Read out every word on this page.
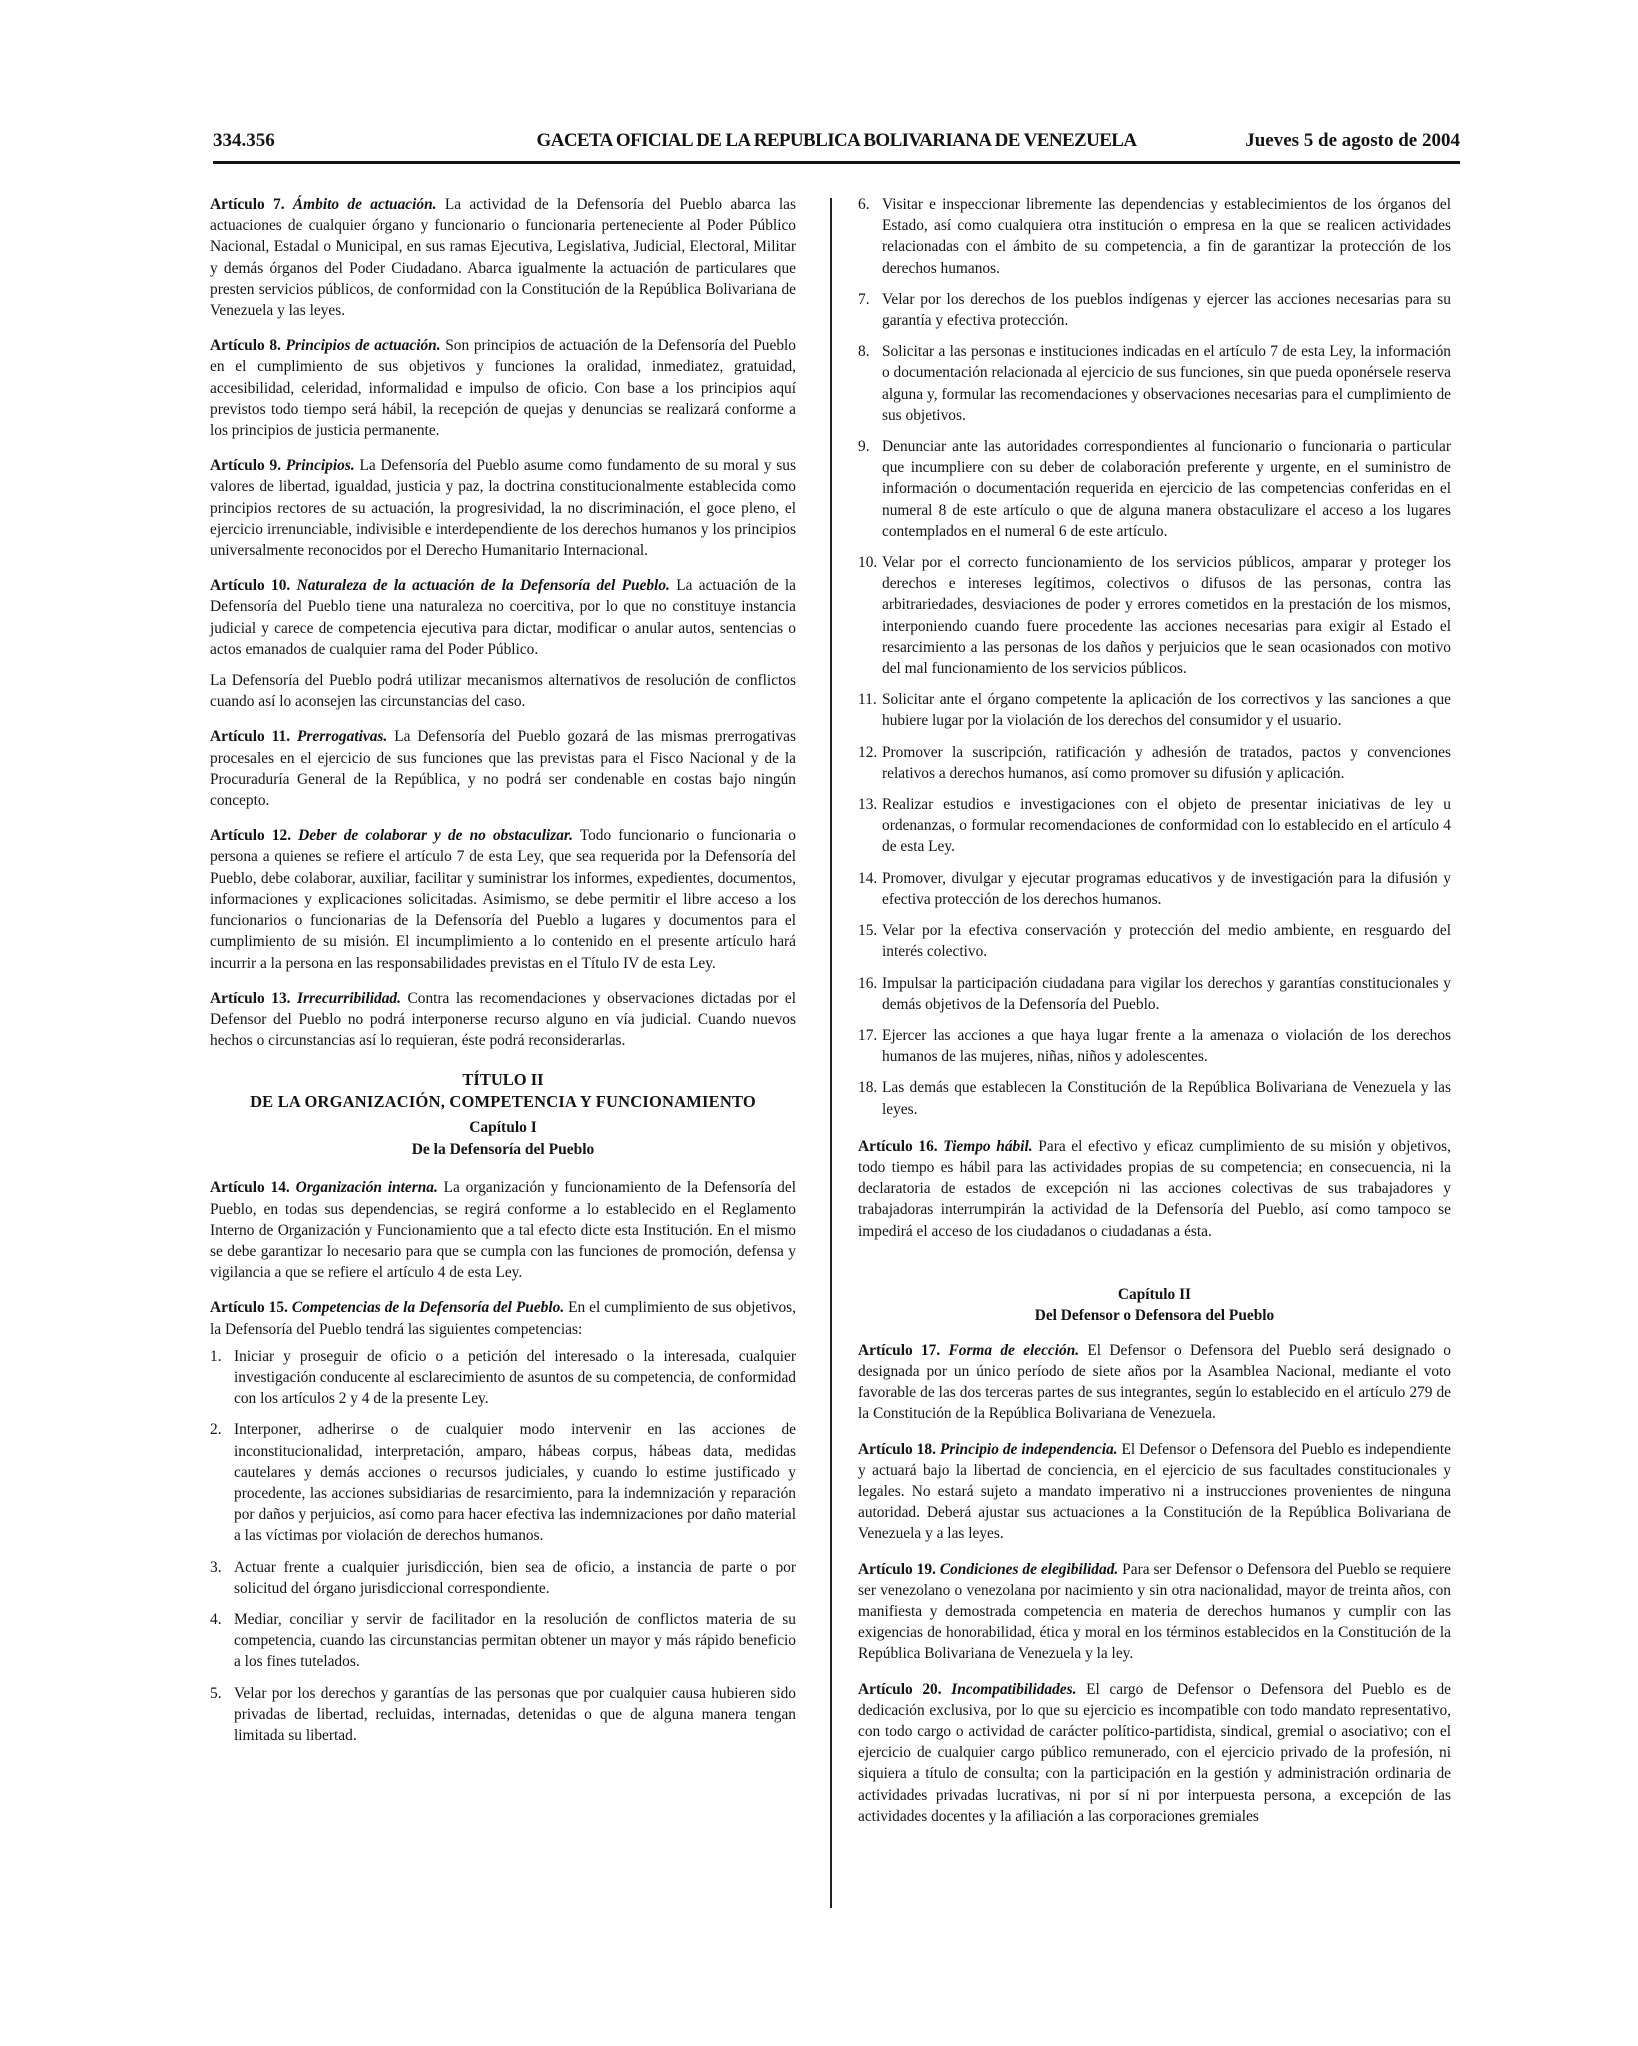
334.356	GACETA OFICIAL DE LA REPUBLICA BOLIVARIANA DE VENEZUELA	Jueves 5 de agosto de 2004

Artículo 7. Ámbito de actuación. La actividad de la Defensoría del Pueblo abarca las actuaciones de cualquier órgano y funcionario o funcionaria perteneciente al Poder Público Nacional, Estadal o Municipal, en sus ramas Ejecutiva, Legislativa, Judicial, Electoral, Militar y demás órganos del Poder Ciudadano. Abarca igualmente la actuación de particulares que presten servicios públicos, de conformidad con la Constitución de la República Bolivariana de Venezuela y las leyes.

Artículo 8. Principios de actuación. Son principios de actuación de la Defensoría del Pueblo en el cumplimiento de sus objetivos y funciones la oralidad, inmediatez, gratuidad, accesibilidad, celeridad, informalidad e impulso de oficio. Con base a los principios aquí previstos todo tiempo será hábil, la recepción de quejas y denuncias se realizará conforme a los principios de justicia permanente.

Artículo 9. Principios. La Defensoría del Pueblo asume como fundamento de su moral y sus valores de libertad, igualdad, justicia y paz, la doctrina constitucionalmente establecida como principios rectores de su actuación, la progresividad, la no discriminación, el goce pleno, el ejercicio irrenunciable, indivisible e interdependiente de los derechos humanos y los principios universalmente reconocidos por el Derecho Humanitario Internacional.

Artículo 10. Naturaleza de la actuación de la Defensoría del Pueblo. La actuación de la Defensoría del Pueblo tiene una naturaleza no coercitiva, por lo que no constituye instancia judicial y carece de competencia ejecutiva para dictar, modificar o anular autos, sentencias o actos emanados de cualquier rama del Poder Público.

La Defensoría del Pueblo podrá utilizar mecanismos alternativos de resolución de conflictos cuando así lo aconsejen las circunstancias del caso.

Artículo 11. Prerrogativas. La Defensoría del Pueblo gozará de las mismas prerrogativas procesales en el ejercicio de sus funciones que las previstas para el Fisco Nacional y de la Procuraduría General de la República, y no podrá ser condenable en costas bajo ningún concepto.

Artículo 12. Deber de colaborar y de no obstaculizar. Todo funcionario o funcionaria o persona a quienes se refiere el artículo 7 de esta Ley, que sea requerida por la Defensoría del Pueblo, debe colaborar, auxiliar, facilitar y suministrar los informes, expedientes, documentos, informaciones y explicaciones solicitadas. Asimismo, se debe permitir el libre acceso a los funcionarios o funcionarias de la Defensoría del Pueblo a lugares y documentos para el cumplimiento de su misión. El incumplimiento a lo contenido en el presente artículo hará incurrir a la persona en las responsabilidades previstas en el Título IV de esta Ley.

Artículo 13. Irrecurribilidad. Contra las recomendaciones y observaciones dictadas por el Defensor del Pueblo no podrá interponerse recurso alguno en vía judicial. Cuando nuevos hechos o circunstancias así lo requieran, éste podrá reconsiderarlas.

TÍTULO II
DE LA ORGANIZACIÓN, COMPETENCIA Y FUNCIONAMIENTO
Capítulo I
De la Defensoría del Pueblo

Artículo 14. Organización interna. La organización y funcionamiento de la Defensoría del Pueblo, en todas sus dependencias, se regirá conforme a lo establecido en el Reglamento Interno de Organización y Funcionamiento que a tal efecto dicte esta Institución. En el mismo se debe garantizar lo necesario para que se cumpla con las funciones de promoción, defensa y vigilancia a que se refiere el artículo 4 de esta Ley.

Artículo 15. Competencias de la Defensoría del Pueblo. En el cumplimiento de sus objetivos, la Defensoría del Pueblo tendrá las siguientes competencias:

1. Iniciar y proseguir de oficio o a petición del interesado o la interesada, cualquier investigación conducente al esclarecimiento de asuntos de su competencia, de conformidad con los artículos 2 y 4 de la presente Ley.

2. Interponer, adherirse o de cualquier modo intervenir en las acciones de inconstitucionalidad, interpretación, amparo, hábeas corpus, hábeas data, medidas cautelares y demás acciones o recursos judiciales, y cuando lo estime justificado y procedente, las acciones subsidiarias de resarcimiento, para la indemnización y reparación por daños y perjuicios, así como para hacer efectiva las indemnizaciones por daño material a las víctimas por violación de derechos humanos.

3. Actuar frente a cualquier jurisdicción, bien sea de oficio, a instancia de parte o por solicitud del órgano jurisdiccional correspondiente.

4. Mediar, conciliar y servir de facilitador en la resolución de conflictos materia de su competencia, cuando las circunstancias permitan obtener un mayor y más rápido beneficio a los fines tutelados.

5. Velar por los derechos y garantías de las personas que por cualquier causa hubieren sido privadas de libertad, recluidas, internadas, detenidas o que de alguna manera tengan limitada su libertad.

6. Visitar e inspeccionar libremente las dependencias y establecimientos de los órganos del Estado, así como cualquiera otra institución o empresa en la que se realicen actividades relacionadas con el ámbito de su competencia, a fin de garantizar la protección de los derechos humanos.

7. Velar por los derechos de los pueblos indígenas y ejercer las acciones necesarias para su garantía y efectiva protección.

8. Solicitar a las personas e instituciones indicadas en el artículo 7 de esta Ley, la información o documentación relacionada al ejercicio de sus funciones, sin que pueda oponérsele reserva alguna y, formular las recomendaciones y observaciones necesarias para el cumplimiento de sus objetivos.

9. Denunciar ante las autoridades correspondientes al funcionario o funcionaria o particular que incumpliere con su deber de colaboración preferente y urgente, en el suministro de información o documentación requerida en ejercicio de las competencias conferidas en el numeral 8 de este artículo o que de alguna manera obstaculizare el acceso a los lugares contemplados en el numeral 6 de este artículo.

10. Velar por el correcto funcionamiento de los servicios públicos, amparar y proteger los derechos e intereses legítimos, colectivos o difusos de las personas, contra las arbitrariedades, desviaciones de poder y errores cometidos en la prestación de los mismos, interponiendo cuando fuere procedente las acciones necesarias para exigir al Estado el resarcimiento a las personas de los daños y perjuicios que le sean ocasionados con motivo del mal funcionamiento de los servicios públicos.

11. Solicitar ante el órgano competente la aplicación de los correctivos y las sanciones a que hubiere lugar por la violación de los derechos del consumidor y el usuario.

12. Promover la suscripción, ratificación y adhesión de tratados, pactos y convenciones relativos a derechos humanos, así como promover su difusión y aplicación.

13. Realizar estudios e investigaciones con el objeto de presentar iniciativas de ley u ordenanzas, o formular recomendaciones de conformidad con lo establecido en el artículo 4 de esta Ley.

14. Promover, divulgar y ejecutar programas educativos y de investigación para la difusión y efectiva protección de los derechos humanos.

15. Velar por la efectiva conservación y protección del medio ambiente, en resguardo del interés colectivo.

16. Impulsar la participación ciudadana para vigilar los derechos y garantías constitucionales y demás objetivos de la Defensoría del Pueblo.

17. Ejercer las acciones a que haya lugar frente a la amenaza o violación de los derechos humanos de las mujeres, niñas, niños y adolescentes.

18. Las demás que establecen la Constitución de la República Bolivariana de Venezuela y las leyes.

Artículo 16. Tiempo hábil. Para el efectivo y eficaz cumplimiento de su misión y objetivos, todo tiempo es hábil para las actividades propias de su competencia; en consecuencia, ni la declaratoria de estados de excepción ni las acciones colectivas de sus trabajadores y trabajadoras interrumpirán la actividad de la Defensoría del Pueblo, así como tampoco se impedirá el acceso de los ciudadanos o ciudadanas a ésta.

Capítulo II
Del Defensor o Defensora del Pueblo

Artículo 17. Forma de elección. El Defensor o Defensora del Pueblo será designado o designada por un único período de siete años por la Asamblea Nacional, mediante el voto favorable de las dos terceras partes de sus integrantes, según lo establecido en el artículo 279 de la Constitución de la República Bolivariana de Venezuela.

Artículo 18. Principio de independencia. El Defensor o Defensora del Pueblo es independiente y actuará bajo la libertad de conciencia, en el ejercicio de sus facultades constitucionales y legales. No estará sujeto a mandato imperativo ni a instrucciones provenientes de ninguna autoridad. Deberá ajustar sus actuaciones a la Constitución de la República Bolivariana de Venezuela y a las leyes.

Artículo 19. Condiciones de elegibilidad. Para ser Defensor o Defensora del Pueblo se requiere ser venezolano o venezolana por nacimiento y sin otra nacionalidad, mayor de treinta años, con manifiesta y demostrada competencia en materia de derechos humanos y cumplir con las exigencias de honorabilidad, ética y moral en los términos establecidos en la Constitución de la República Bolivariana de Venezuela y la ley.

Artículo 20. Incompatibilidades. El cargo de Defensor o Defensora del Pueblo es de dedicación exclusiva, por lo que su ejercicio es incompatible con todo mandato representativo, con todo cargo o actividad de carácter político-partidista, sindical, gremial o asociativo; con el ejercicio de cualquier cargo público remunerado, con el ejercicio privado de la profesión, ni siquiera a título de consulta; con la participación en la gestión y administración ordinaria de actividades privadas lucrativas, ni por sí ni por interpuesta persona, a excepción de las actividades docentes y la afiliación a las corporaciones gremiales
